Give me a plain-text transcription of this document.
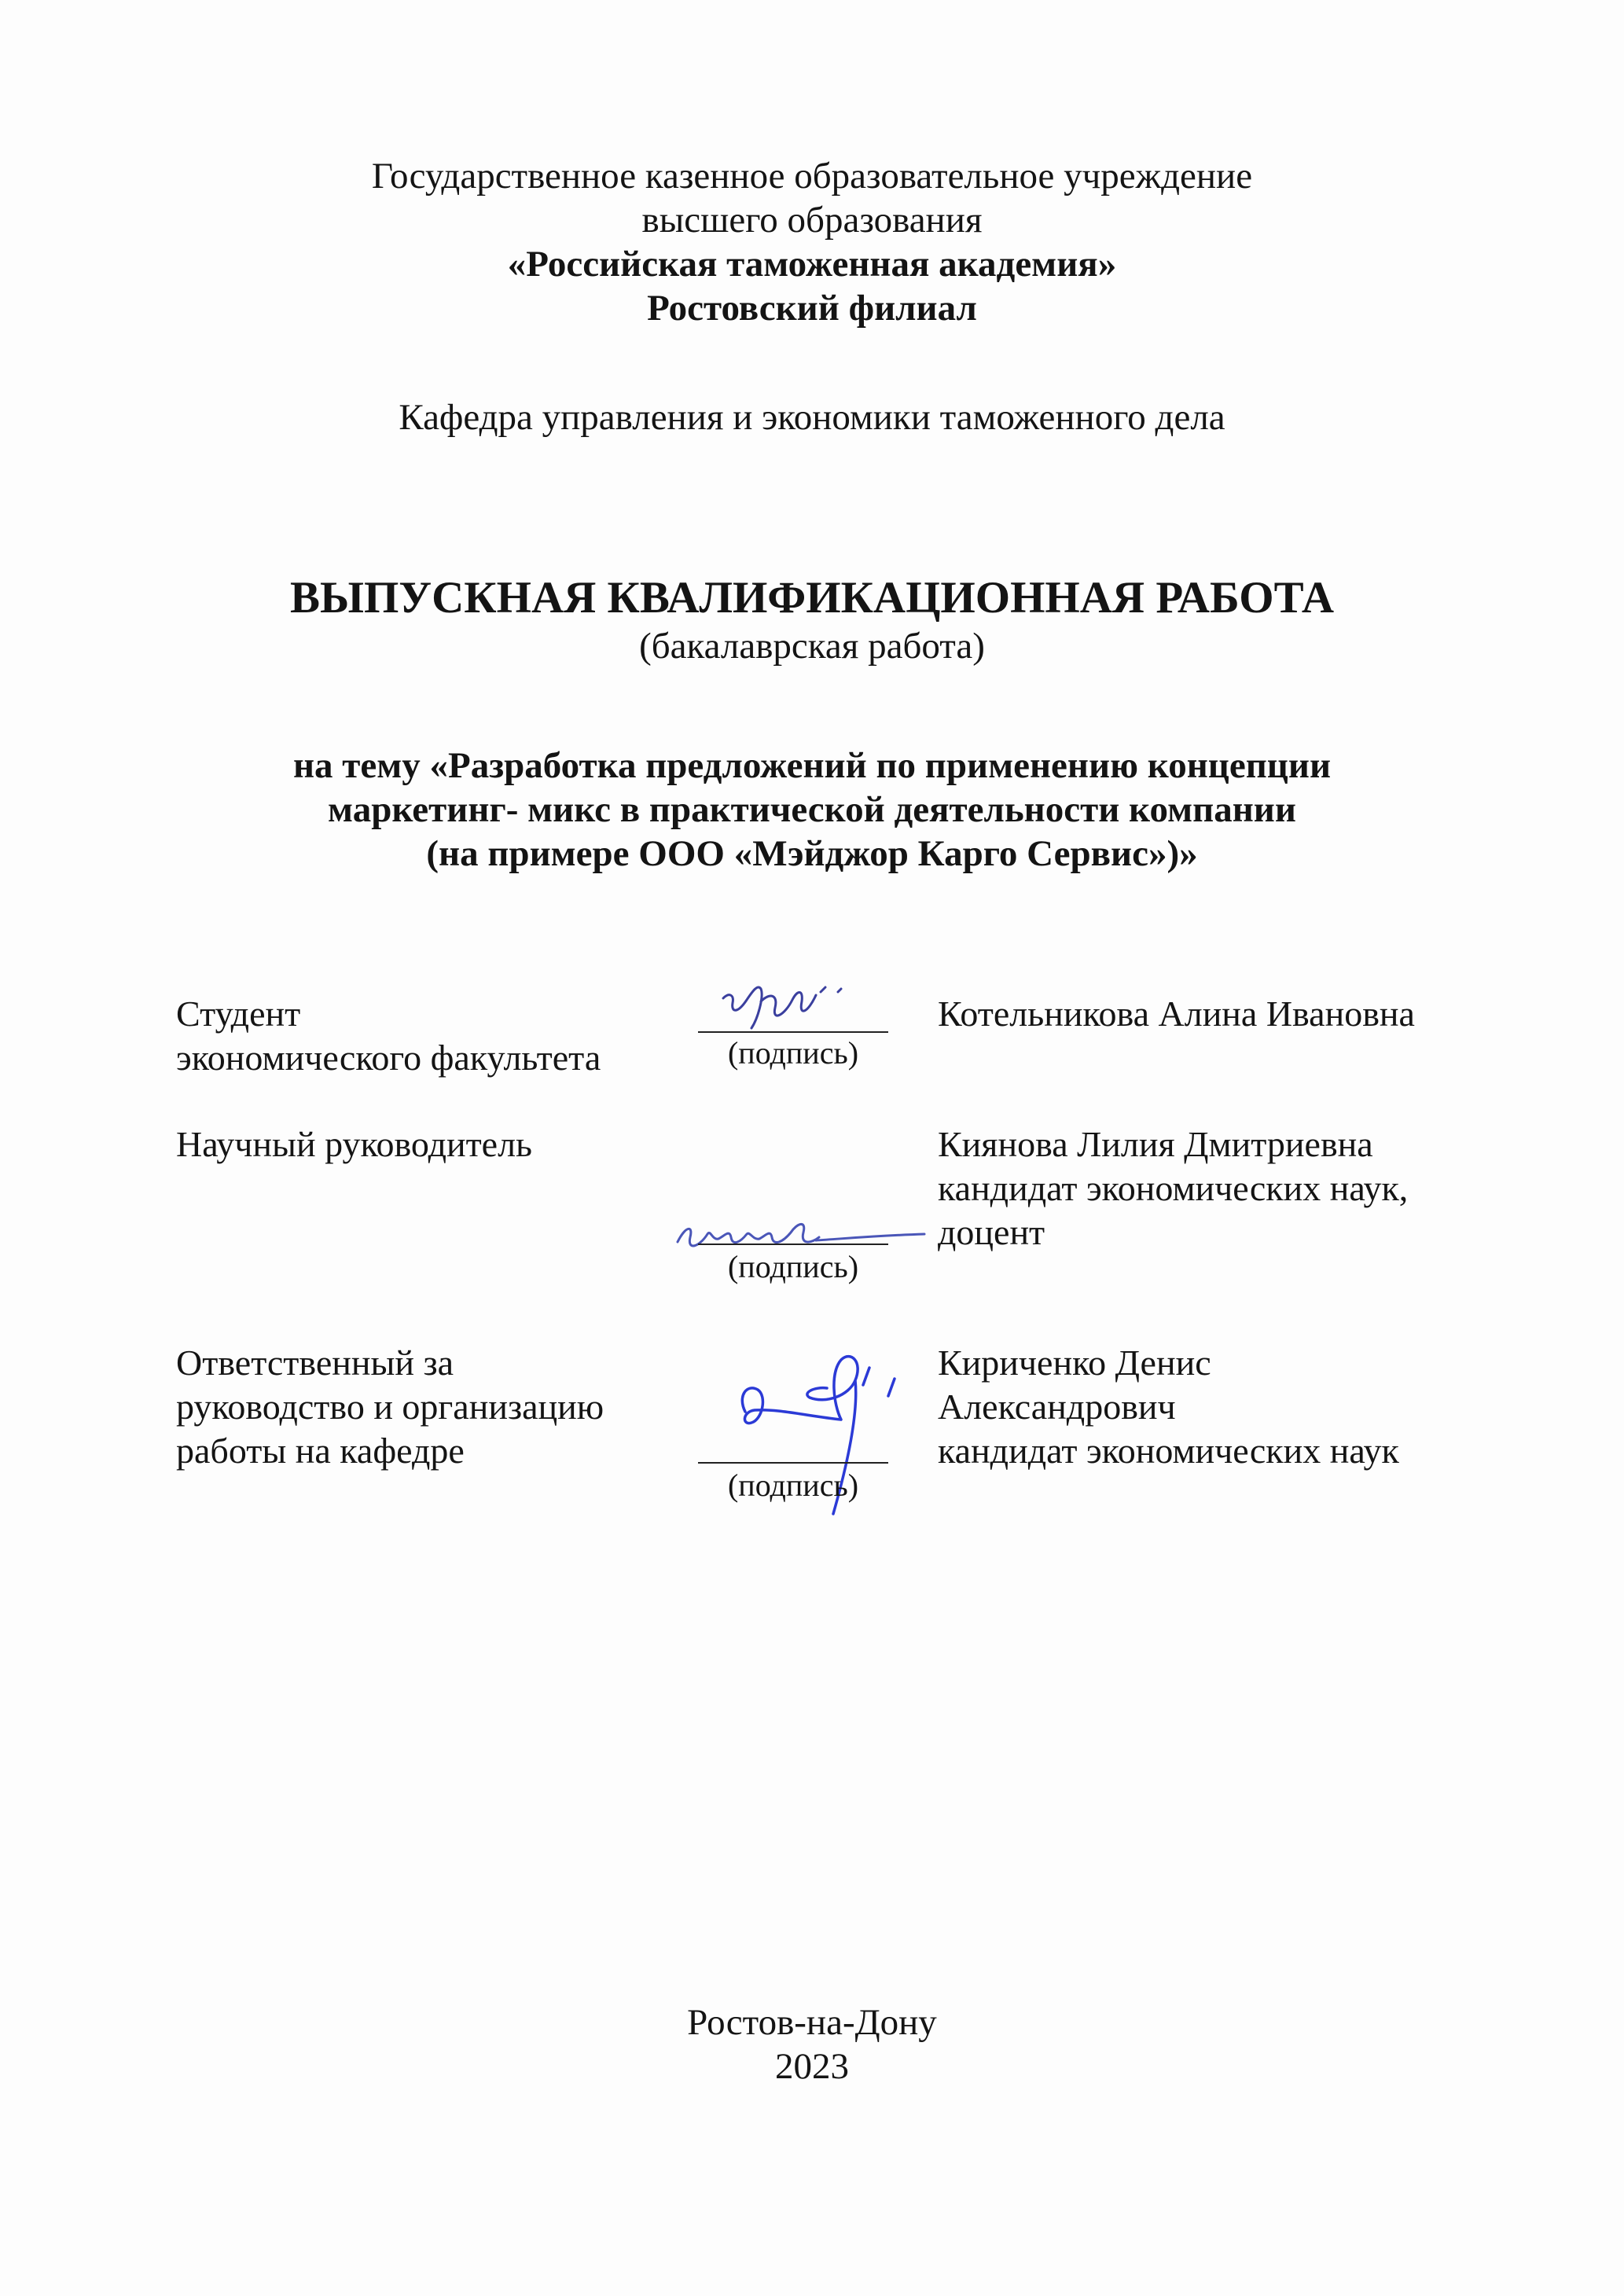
Государственное казенное образовательное учреждение
высшего образования
«Российская таможенная академия»
Ростовский филиал
Кафедра управления и экономики таможенного дела
ВЫПУСКНАЯ КВАЛИФИКАЦИОННАЯ РАБОТА
(бакалаврская работа)
на тему «Разработка предложений по применению концепции
маркетинг- микс в практической деятельности компании
(на примере ООО «Мэйджор Карго Сервис»)»
Студент
экономического факультета	(подпись)
Котельникова Алина Ивановна
Научный руководитель
(подпись)
Киянова Лилия Дмитриевна
кандидат экономических наук,
доцент
Ответственный за
руководство и организацию
работы на кафедре
(подпись)
Кириченко Денис
Александрович
кандидат экономических наук
Ростов-на-Дону
2023
